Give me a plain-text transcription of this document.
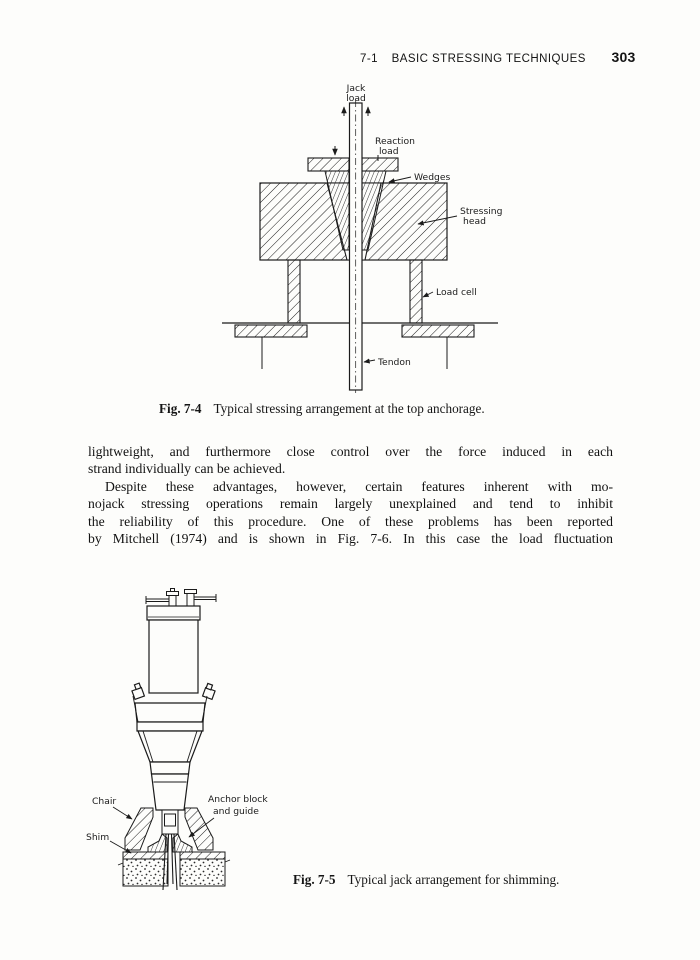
7-1 BASIC STRESSING TECHNIQUES 303
Jack
load
Reaction
load
Wedges
Stressing
head
Load cell
Tendon
Fig. 7-4 Typical stressing arrangement at the top anchorage.
lightweight, and furthermore close control over the force induced in each
strand individually can be achieved.
Despite these advantages, however, certain features inherent with mo-
nojack stressing operations remain largely unexplained and tend to inhibit
the reliability of this procedure. One of these problems has been reported
by Mitchell (1974) and is shown in Fig. 7-6. In this case the load fluctuation
Chair	Anchor block
and guide
Shim
Fig. 7-5 Typical jack arrangement for shimming.
